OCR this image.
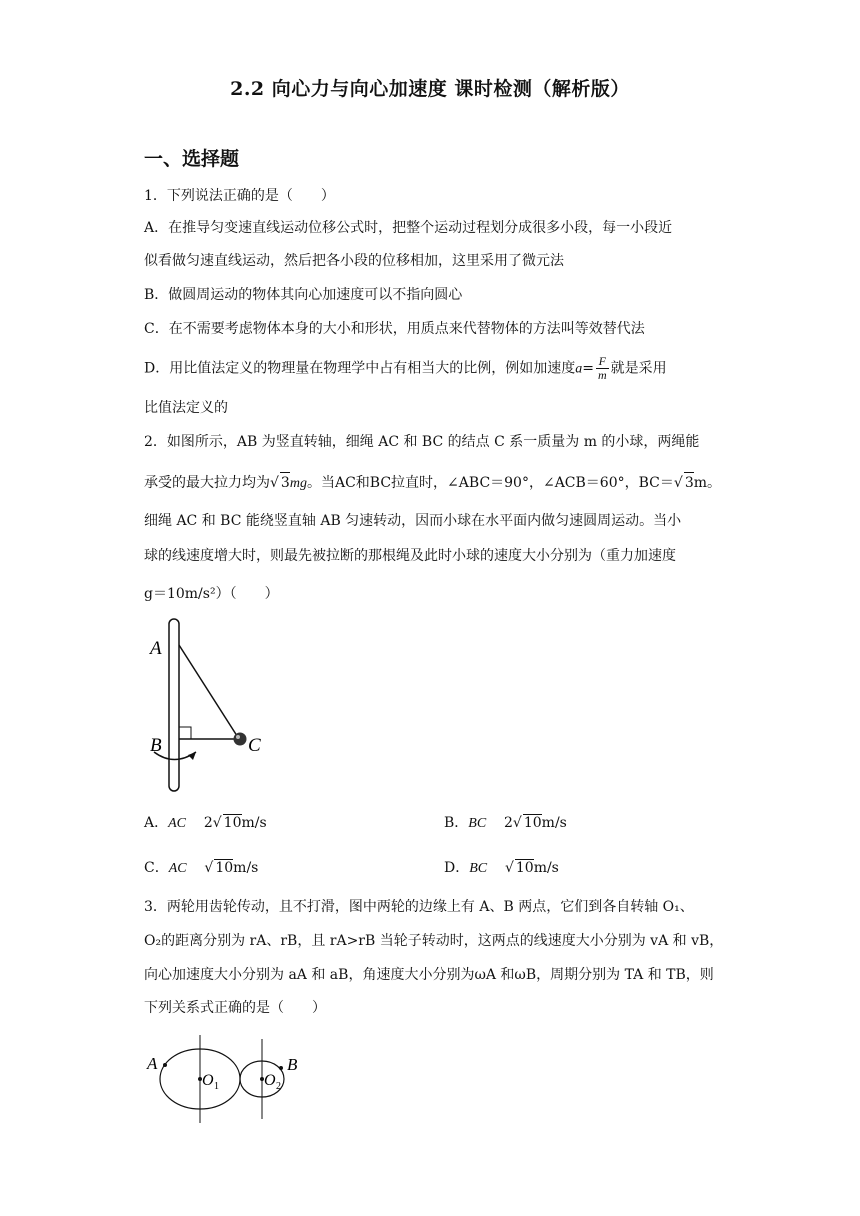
2.2 向心力与向心加速度 课时检测（解析版）
一、选择题
1．下列说法正确的是（　　）
A．在推导匀变速直线运动位移公式时，把整个运动过程划分成很多小段，每一小段近
似看做匀速直线运动，然后把各小段的位移相加，这里采用了微元法
B．做圆周运动的物体其向心加速度可以不指向圆心
C．在不需要考虑物体本身的大小和形状，用质点来代替物体的方法叫等效替代法
D．用比值法定义的物理量在物理学中占有相当大的比例，例如加速度$a= \frac{F}{m}$ 就是采用
比值法定义的
2．如图所示，AB 为竖直转轴，细绳 AC 和 BC 的结点 C 系一质量为 m 的小球，两绳能
承受的最大拉力均为√ 3mg。当AC和BC拉直时，∠ABC＝90°，∠ACB＝60°，BC＝√ 3m。
细绳 AC 和 BC 能绕竖直轴 AB 匀速转动，因而小球在水平面内做匀速圆周运动。当小
球的线速度增大时，则最先被拉断的那根绳及此时小球的速度大小分别为（重力加速度
g＝10m/s²）（　　）
A
B	C
A．AC 2√ 10m/s	B．BC 2√ 10m/s
C．AC √ 10m/s	D．BC √ 10m/s
3．两轮用齿轮传动，且不打滑，图中两轮的边缘上有 A、B 两点，它们到各自转轴 O₁、
O₂的距离分别为 rA、rB，且 rA>rB 当轮子转动时，这两点的线速度大小分别为 vA 和 vB，
向心加速度大小分别为 aA 和 aB，角速度大小分别为ωA 和ωB，周期分别为 TA 和 TB，则
下列关系式正确的是（　　）
A	B
O 1	O 2
